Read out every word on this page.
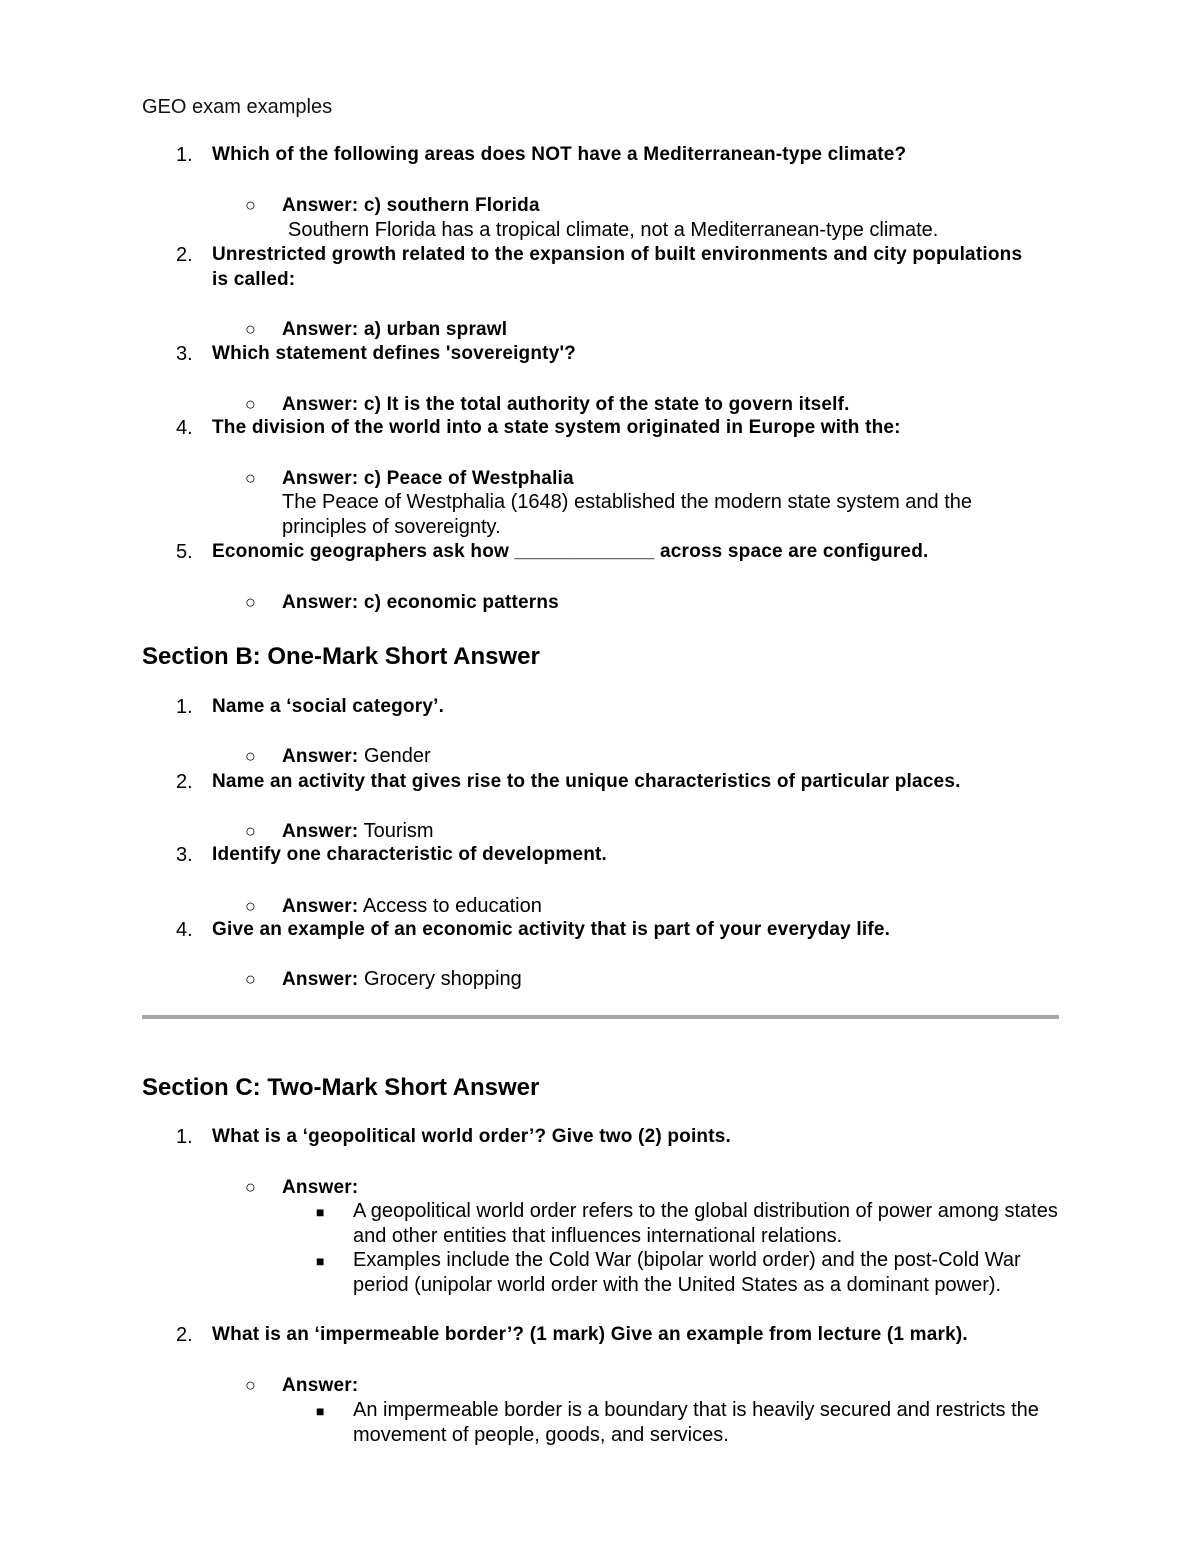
GEO exam examples
1.	Which of the following areas does NOT have a Mediterranean-type climate?
○ Answer: c) southern Florida
Southern Florida has a tropical climate, not a Mediterranean-type climate.
2.	Unrestricted growth related to the expansion of built environments and city populations is called:
○ Answer: a) urban sprawl
3.	Which statement defines 'sovereignty'?
○ Answer: c) It is the total authority of the state to govern itself.
4.	The division of the world into a state system originated in Europe with the:
○ Answer: c) Peace of Westphalia
The Peace of Westphalia (1648) established the modern state system and the principles of sovereignty.
5.	Economic geographers ask how _____________ across space are configured.
○ Answer: c) economic patterns
Section B: One-Mark Short Answer
1.	Name a ‘social category’.
○ Answer: Gender
2.	Name an activity that gives rise to the unique characteristics of particular places.
○ Answer: Tourism
3.	Identify one characteristic of development.
○ Answer: Access to education
4.	Give an example of an economic activity that is part of your everyday life.
○ Answer: Grocery shopping
Section C: Two-Mark Short Answer
1.	What is a ‘geopolitical world order’? Give two (2) points.
○ Answer:
■ A geopolitical world order refers to the global distribution of power among states and other entities that influences international relations.
■ Examples include the Cold War (bipolar world order) and the post-Cold War period (unipolar world order with the United States as a dominant power).
2.	What is an ‘impermeable border’? (1 mark) Give an example from lecture (1 mark).
○ Answer:
■ An impermeable border is a boundary that is heavily secured and restricts the movement of people, goods, and services.
